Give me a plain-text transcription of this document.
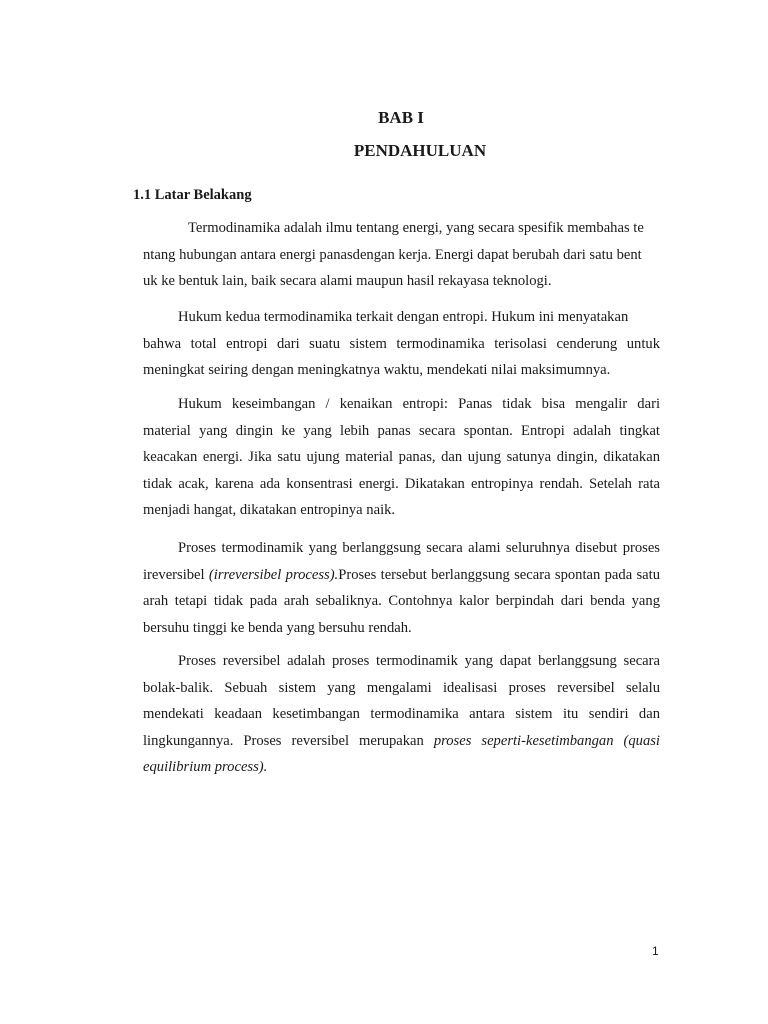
BAB I
PENDAHULUAN
1.1 Latar Belakang

Termodinamika adalah ilmu tentang energi, yang secara spesifik membahas te
ntang hubungan antara energi panasdengan kerja. Energi dapat berubah dari satu bent
uk ke bentuk lain, baik secara alami maupun hasil rekayasa teknologi.

Hukum kedua termodinamika terkait dengan entropi. Hukum ini menyatakan
bahwa total entropi dari suatu sistem termodinamika terisolasi cenderung untuk
meningkat seiring dengan meningkatnya waktu, mendekati nilai maksimumnya.

Hukum keseimbangan / kenaikan entropi: Panas tidak bisa mengalir dari
material yang dingin ke yang lebih panas secara spontan. Entropi adalah tingkat
keacakan energi. Jika satu ujung material panas, dan ujung satunya dingin, dikatakan
tidak acak, karena ada konsentrasi energi. Dikatakan entropinya rendah. Setelah rata
menjadi hangat, dikatakan entropinya naik.

Proses termodinamik yang berlanggsung secara alami seluruhnya disebut proses
ireversibel (irreversibel process).Proses tersebut berlanggsung secara spontan pada satu
arah tetapi tidak pada arah sebaliknya. Contohnya kalor berpindah dari benda yang
bersuhu tinggi ke benda yang bersuhu rendah.

Proses reversibel adalah proses termodinamik yang dapat berlanggsung secara
bolak-balik. Sebuah sistem yang mengalami idealisasi proses reversibel selalu
mendekati keadaan kesetimbangan termodinamika antara sistem itu sendiri dan
lingkungannya. Proses reversibel merupakan proses seperti-kesetimbangan (quasi
equilibrium process).

1
